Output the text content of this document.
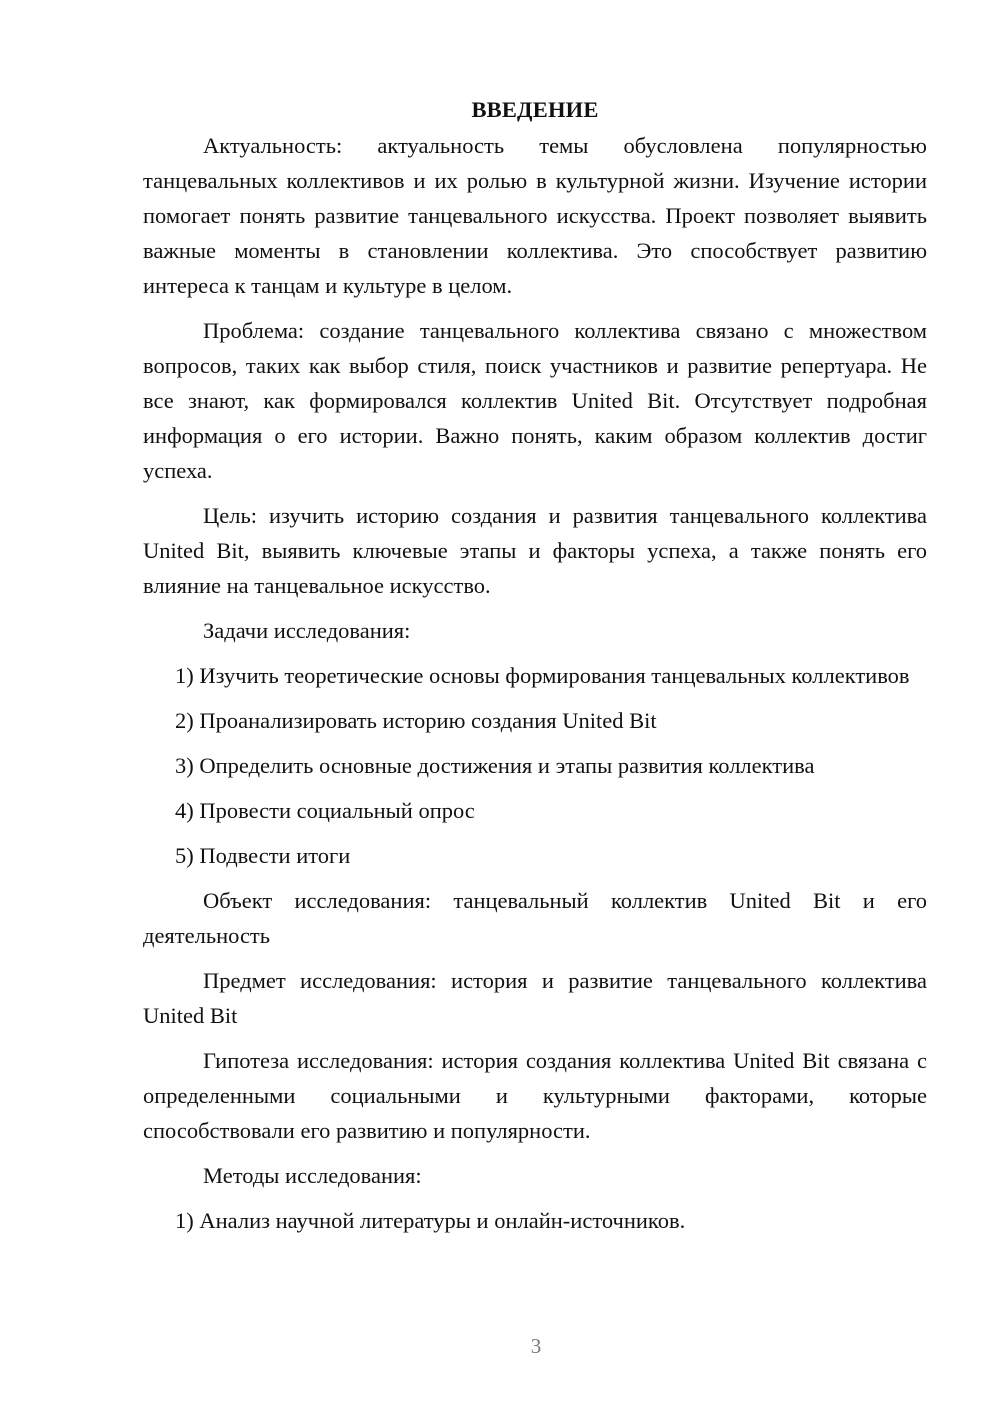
ВВЕДЕНИЕ

Актуальность: актуальность темы обусловлена популярностью танцевальных коллективов и их ролью в культурной жизни. Изучение истории помогает понять развитие танцевального искусства. Проект позволяет выявить важные моменты в становлении коллектива. Это способствует развитию интереса к танцам и культуре в целом.

Проблема: создание танцевального коллектива связано с множеством вопросов, таких как выбор стиля, поиск участников и развитие репертуара. Не все знают, как формировался коллектив United Bit. Отсутствует подробная информация о его истории. Важно понять, каким образом коллектив достиг успеха.

Цель: изучить историю создания и развития танцевального коллектива United Bit, выявить ключевые этапы и факторы успеха, а также понять его влияние на танцевальное искусство.

Задачи исследования:

1) Изучить теоретические основы формирования танцевальных коллективов

2) Проанализировать историю создания United Bit

3) Определить основные достижения и этапы развития коллектива

4) Провести социальный опрос

5) Подвести итоги

Объект исследования: танцевальный коллектив United Bit и его деятельность

Предмет исследования: история и развитие танцевального коллектива United Bit

Гипотеза исследования: история создания коллектива United Bit связана с определенными социальными и культурными факторами, которые способствовали его развитию и популярности.

Методы исследования:

1) Анализ научной литературы и онлайн-источников.

3
